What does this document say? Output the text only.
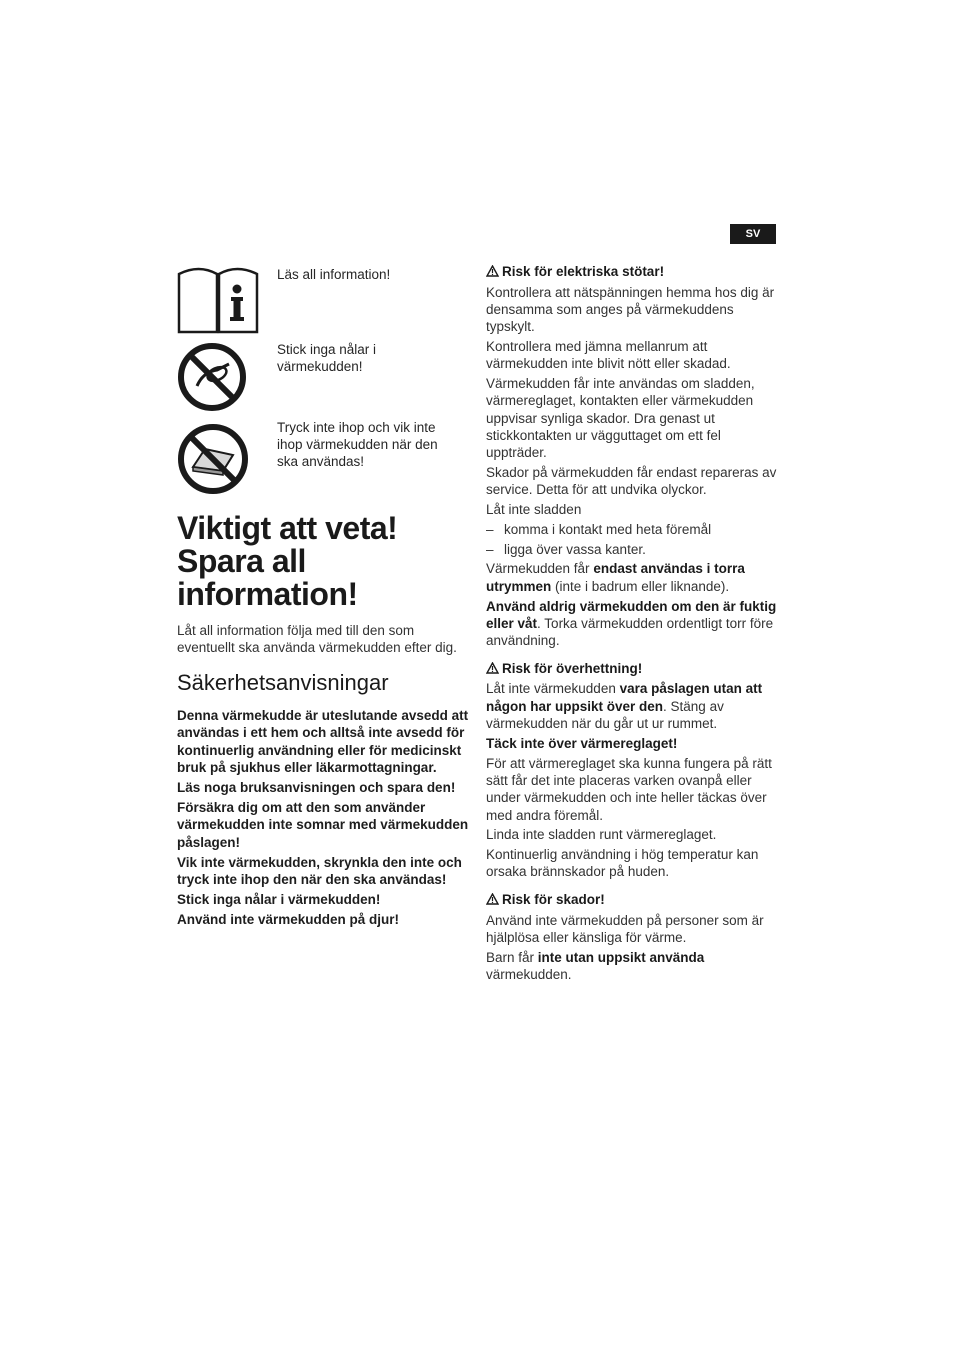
SV
Läs all information!
Stick inga nålar i värmekudden!
Tryck inte ihop och vik inte ihop värmekudden när den ska användas!
Viktigt att veta!
Spara all
information!

Låt all information följa med till den som eventuellt ska använda värmekudden efter dig.

Säkerhetsanvisningar

Denna värmekudde är uteslutande avsedd att användas i ett hem och alltså inte avsedd för kontinuerlig användning eller för medicinskt bruk på sjukhus eller läkarmottagningar.

Läs noga bruksanvisningen och spara den!

Försäkra dig om att den som använder värmekudden inte somnar med värmekudden påslagen!

Vik inte värmekudden, skrynkla den inte och tryck inte ihop den när den ska användas!

Stick inga nålar i värmekudden!

Använd inte värmekudden på djur!

Risk för elektriska stötar!

Kontrollera att nätspänningen hemma hos dig är densamma som anges på värmekuddens typskylt.

Kontrollera med jämna mellanrum att värmekudden inte blivit nött eller skadad.

Värmekudden får inte användas om sladden, värmereglaget, kontakten eller värmekudden uppvisar synliga skador. Dra genast ut stickkontakten ur vägguttaget om ett fel uppträder.

Skador på värmekudden får endast repareras av service. Detta för att undvika olyckor.

Låt inte sladden

– komma i kontakt med heta föremål
– ligga över vassa kanter.

Värmekudden får endast användas i torra utrymmen (inte i badrum eller liknande).

Använd aldrig värmekudden om den är fuktig eller våt. Torka värmekudden ordentligt torr före användning.

Risk för överhettning!

Låt inte värmekudden vara påslagen utan att någon har uppsikt över den. Stäng av värmekudden när du går ut ur rummet.

Täck inte över värmereglaget!

För att värmereglaget ska kunna fungera på rätt sätt får det inte placeras varken ovanpå eller under värmekudden och inte heller täckas över med andra föremål.

Linda inte sladden runt värmereglaget.

Kontinuerlig användning i hög temperatur kan orsaka brännskador på huden.

Risk för skador!

Använd inte värmekudden på personer som är hjälplösa eller känsliga för värme.

Barn får inte utan uppsikt använda värmekudden.
